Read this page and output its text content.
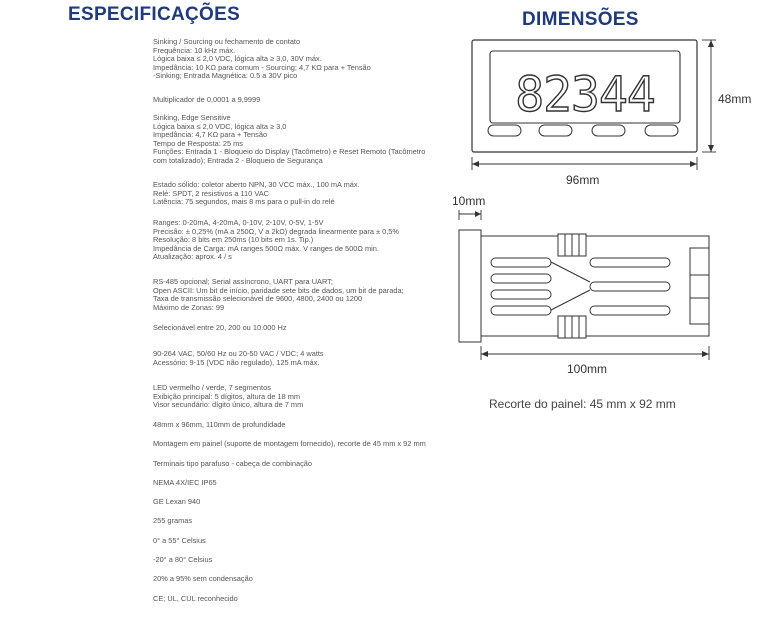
ESPECIFICAÇÕES	DIMENSÕES
Sinking / Sourcing ou fechamento de contato
Frequência: 10 kHz máx.
Lógica baixa ≤ 2,0 VDC, lógica alta ≥ 3,0, 30V máx.
Impedância: 10 KΩ para comum - Sourcing; 4,7 KΩ para + Tensão
-Sinking; Entrada Magnética: 0.5 a 30V pico
Multiplicador de 0,0001 a 9,9999
Sinking, Edge Sensitive
Lógica baixa ≤ 2,0 VDC, lógica alta ≥ 3,0
Impedância: 4,7 KΩ para + Tensão
Tempo de Resposta: 25 ms
Funções: Entrada 1 - Bloqueio do Display (Tacômetro) e Reset Remoto (Tacômetro
com totalizado); Entrada 2 - Bloqueio de Segurança
Estado sólido: coletor aberto NPN, 30 VCC máx., 100 mA máx.
Relé: SPDT, 2 resistivos a 110 VAC
Latência: 75 segundos, mais 8 ms para o pull-in do relé
Ranges: 0-20mA, 4-20mA, 0-10V, 2-10V, 0-5V, 1-5V
Precisão: ± 0,25% (mA a 250Ω, V a 2kΩ) degrada linearmente para ± 0,5%
Resolução: 8 bits em 250ms (10 bits em 1s. Tip.)
Impedância de Carga: mA ranges 500Ω máx. V ranges de 500Ω min.
Atualização: aprox. 4 / s
RS-485 opcional; Serial assíncrono, UART para UART;
Open ASCII: Um bit de início, paridade sete bits de dados, um bit de parada;
Taxa de transmissão selecionável de 9600, 4800, 2400 ou 1200
Máximo de Zonas: 99
Selecionável entre 20, 200 ou 10.000 Hz
90-264 VAC, 50/60 Hz ou 20-50 VAC / VDC; 4 watts
Acessório: 9-15 (VDC não regulado), 125 mA máx.
LED vermelho / verde, 7 segmentos
Exibição principal: 5 dígitos, altura de 18 mm
Visor secundário: dígito único, altura de 7 mm
48mm x 96mm, 110mm de profundidade
Montagem em painel (suporte de montagem fornecido), recorte de 45 mm x 92 mm
Terminais tipo parafuso - cabeça de combinação
NEMA 4X/IEC IP65
GE Lexan 940
255 gramas
0° a 55° Celsius
-20° a 80° Celsius
20% a 95% sem condensação
CE; UL, CUL reconhecido
82344	48mm
96mm
10mm
100mm
Recorte do painel: 45 mm x 92 mm
